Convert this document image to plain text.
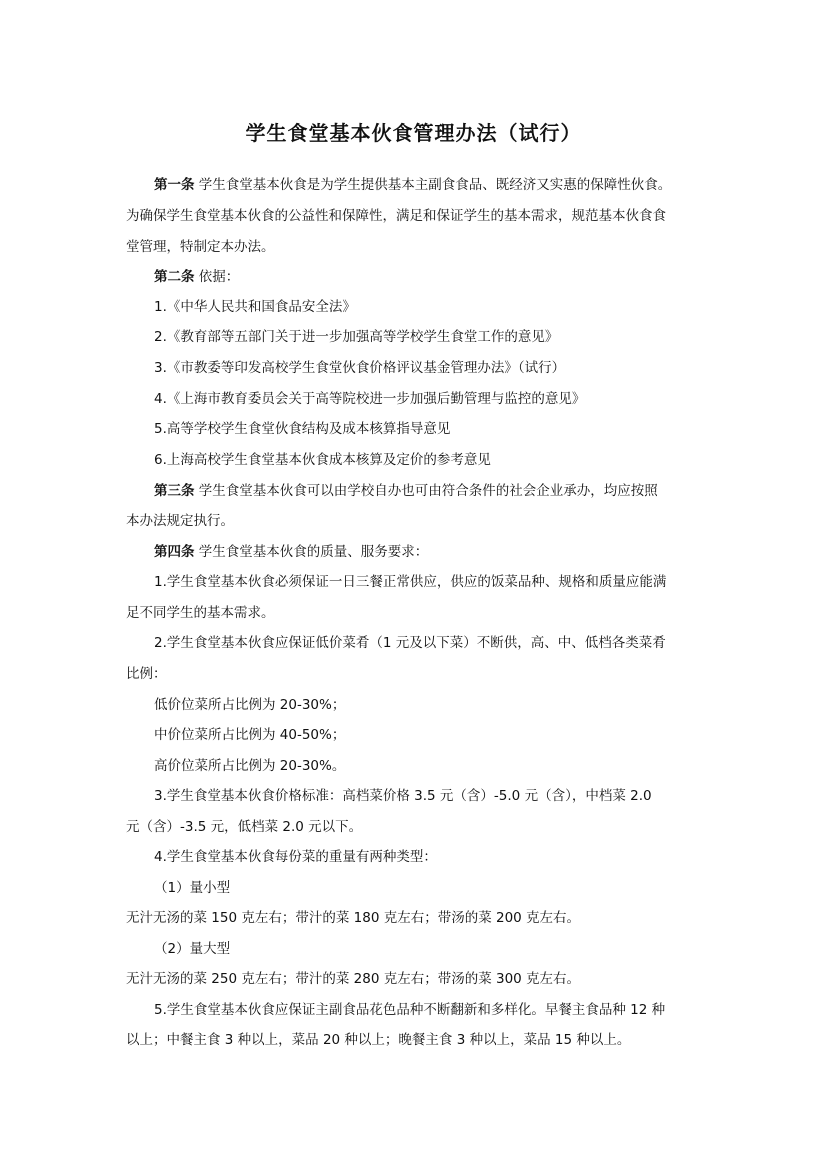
学生食堂基本伙食管理办法（试行）
第一条 学生食堂基本伙食是为学生提供基本主副食食品、既经济又实惠的保障性伙食。
为确保学生食堂基本伙食的公益性和保障性，满足和保证学生的基本需求，规范基本伙食食
堂管理，特制定本办法。
第二条 依据：
1.《中华人民共和国食品安全法》
2.《教育部等五部门关于进一步加强高等学校学生食堂工作的意见》
3.《市教委等印发高校学生食堂伙食价格评议基金管理办法》（试行）
4.《上海市教育委员会关于高等院校进一步加强后勤管理与监控的意见》
5.高等学校学生食堂伙食结构及成本核算指导意见
6.上海高校学生食堂基本伙食成本核算及定价的参考意见
第三条 学生食堂基本伙食可以由学校自办也可由符合条件的社会企业承办，均应按照
本办法规定执行。
第四条 学生食堂基本伙食的质量、服务要求：
1.学生食堂基本伙食必须保证一日三餐正常供应，供应的饭菜品种、规格和质量应能满
足不同学生的基本需求。
2.学生食堂基本伙食应保证低价菜肴（1 元及以下菜）不断供，高、中、低档各类菜肴
比例：
低价位菜所占比例为 20-30%；
中价位菜所占比例为 40-50%；
高价位菜所占比例为 20-30%。
3.学生食堂基本伙食价格标准：高档菜价格 3.5 元（含）-5.0 元（含），中档菜 2.0
元（含）-3.5 元，低档菜 2.0 元以下。
4.学生食堂基本伙食每份菜的重量有两种类型：
（1）量小型
无汁无汤的菜 150 克左右；带汁的菜 180 克左右；带汤的菜 200 克左右。
（2）量大型
无汁无汤的菜 250 克左右；带汁的菜 280 克左右；带汤的菜 300 克左右。
5.学生食堂基本伙食应保证主副食品花色品种不断翻新和多样化。早餐主食品种 12 种
以上；中餐主食 3 种以上，菜品 20 种以上；晚餐主食 3 种以上，菜品 15 种以上。
